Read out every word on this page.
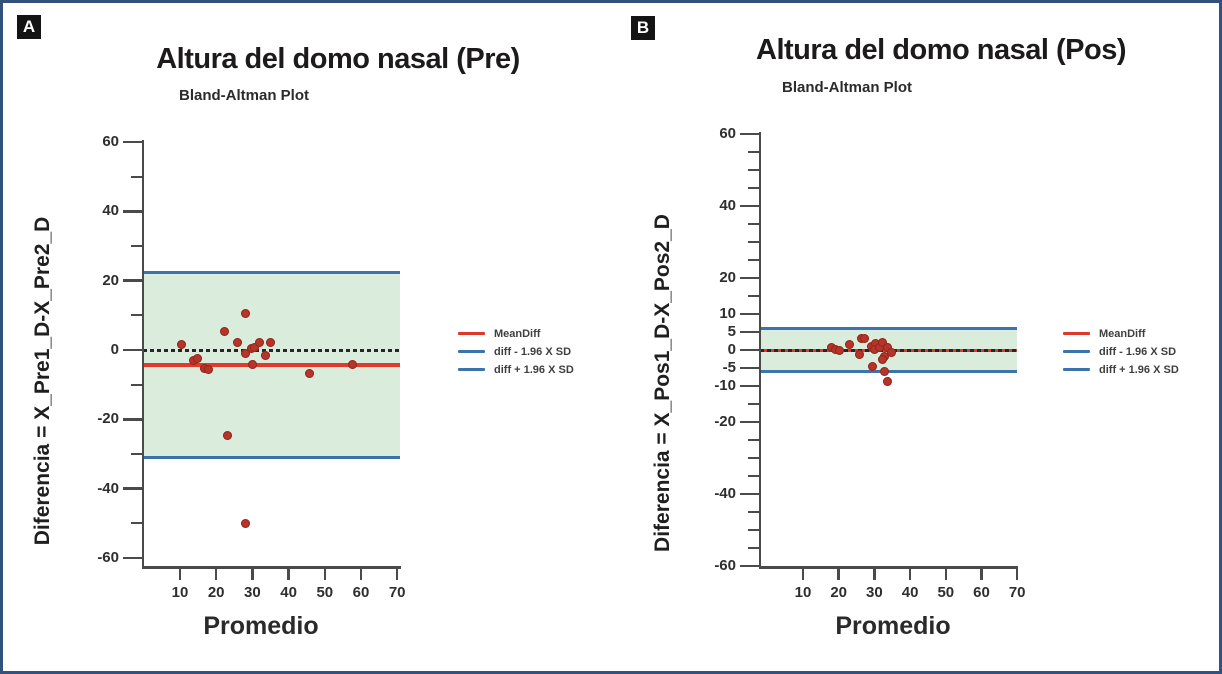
A
Altura del domo nasal (Pre)
Bland-Altman Plot
Diferencia = X_Pre1_D-X_Pre2_D
60
40
20
0
-20
-40
-60
10	20	30	40	50	60	70
Promedio
MeanDiff
diff - 1.96 X SD
diff + 1.96 X SD
B
Altura del domo nasal (Pos)
Bland-Altman Plot
Diferencia = X_Pos1_D-X_Pos2_D
60
40
20
10
5
0
-5
-10
-20
-40
-60
10	20	30	40	50	60	70
Promedio
MeanDiff
diff - 1.96 X SD
diff + 1.96 X SD
